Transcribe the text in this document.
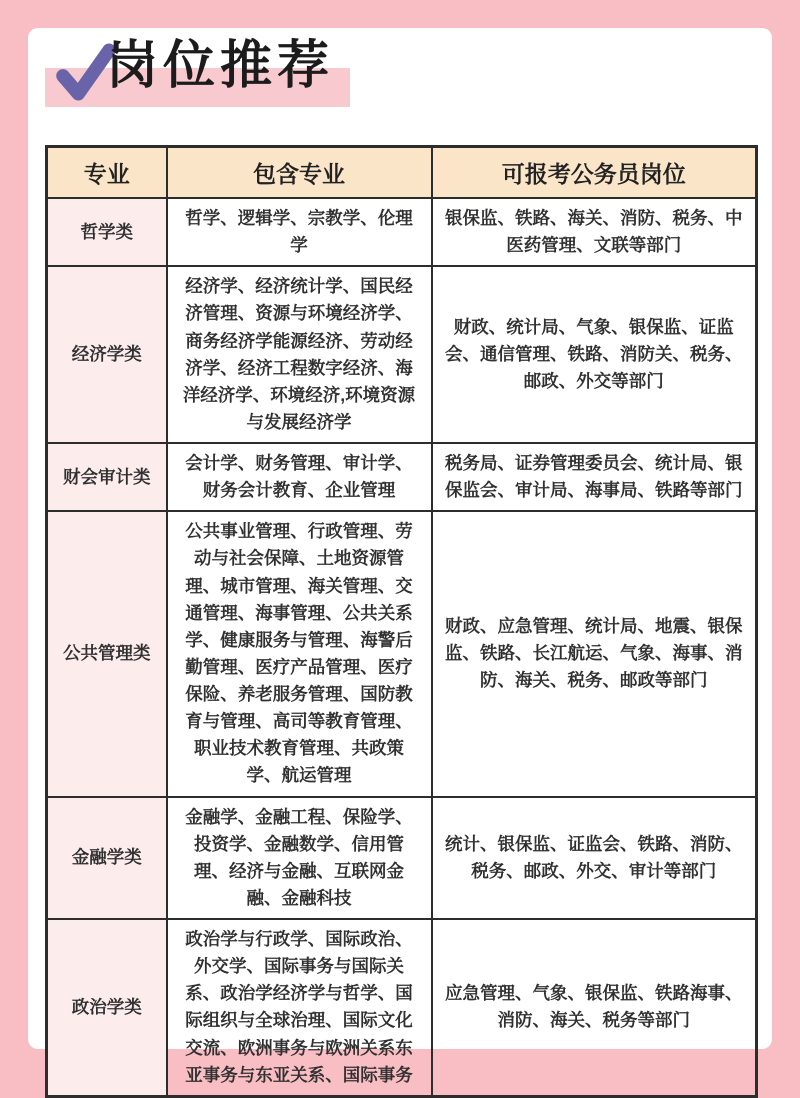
岗位推荐
专业	包含专业	可报考公务员岗位
哲学类	哲学、逻辑学、宗教学、伦理学	银保监、铁路、海关、消防、税务、中医药管理、文联等部门
经济学类	经济学、经济统计学、国民经济管理、资源与环境经济学、商务经济学能源经济、劳动经济学、经济工程数字经济、海洋经济学、环境经济,环境资源与发展经济学	财政、统计局、气象、银保监、证监会、通信管理、铁路、消防关、税务、邮政、外交等部门
财会审计类	会计学、财务管理、审计学、财务会计教育、企业管理	税务局、证券管理委员会、统计局、银保监会、审计局、海事局、铁路等部门
公共管理类	公共事业管理、行政管理、劳动与社会保障、土地资源管理、城市管理、海关管理、交通管理、海事管理、公共关系学、健康服务与管理、海警后勤管理、医疗产品管理、医疗保险、养老服务管理、国防教育与管理、高司等教育管理、职业技术教育管理、共政策学、航运管理	财政、应急管理、统计局、地震、银保监、铁路、长江航运、气象、海事、消防、海关、税务、邮政等部门
金融学类	金融学、金融工程、保险学、投资学、金融数学、信用管理、经济与金融、互联网金融、金融科技	统计、银保监、证监会、铁路、消防、税务、邮政、外交、审计等部门
政治学类	政治学与行政学、国际政治、外交学、国际事务与国际关系、政治学经济学与哲学、国际组织与全球治理、国际文化交流、欧洲事务与欧洲关系东亚事务与东亚关系、国际事务	应急管理、气象、银保监、铁路海事、消防、海关、税务等部门
